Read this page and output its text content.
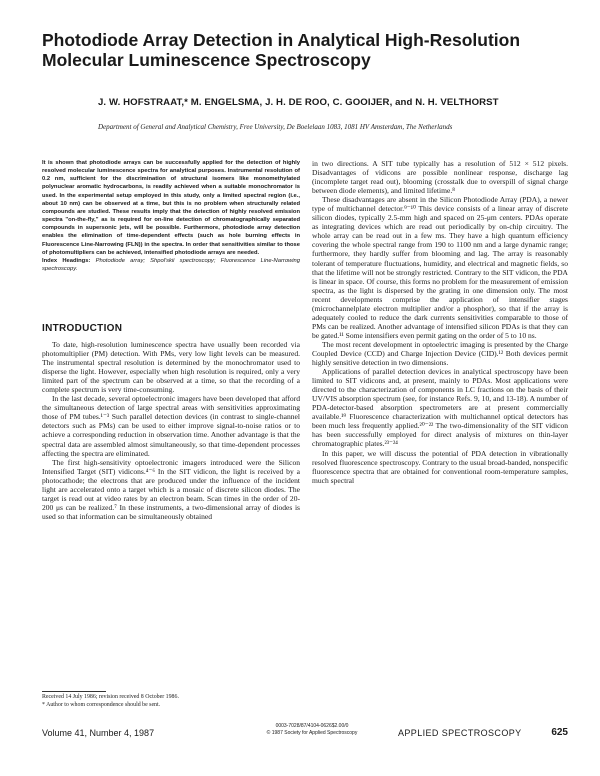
Photodiode Array Detection in Analytical High-Resolution Molecular Luminescence Spectroscopy
J. W. HOFSTRAAT,* M. ENGELSMA, J. H. DE ROO, C. GOOIJER, and N. H. VELTHORST
Department of General and Analytical Chemistry, Free University, De Boelelaan 1083, 1081 HV Amsterdam, The Netherlands
It is shown that photodiode arrays can be successfully applied for the detection of highly resolved molecular luminescence spectra for analytical purposes. Instrumental resolution of 0.2 nm, sufficient for the discrimination of structural isomers like monomethylated polynuclear aromatic hydrocarbons, is readily achieved when a suitable monochromator is used. In the experimental setup employed in this study, only a limited spectral region (i.e., about 10 nm) can be observed at a time, but this is no problem when structurally related compounds are studied. These results imply that the detection of highly resolved emission spectra "on-the-fly," as is required for on-line detection of chromatographically separated compounds in supersonic jets, will be possible. Furthermore, photodiode array detection enables the elimination of time-dependent effects (such as hole burning effects in Fluorescence Line-Narrowing (FLN)) in the spectra. In order that sensitivities similar to those of photomultipliers can be achieved, intensified photodiode arrays are needed.
Index Headings: Photodiode array; Shpol'skii spectroscopy; Fluorescence Line-Narrowing spectroscopy.
INTRODUCTION

To date, high-resolution luminescence spectra have usually been recorded via photomultiplier (PM) detection. With PMs, very low light levels can be measured. The instrumental spectral resolution is determined by the monochromator used to disperse the light. However, especially when high resolution is required, only a very limited part of the spectrum can be observed at a time, so that the recording of a complete spectrum is very time-consuming.

In the last decade, several optoelectronic imagers have been developed that afford the simultaneous detection of large spectral areas with sensitivities approximating those of PM tubes.¹⁻³ Such parallel detection devices (in contrast to single-channel detectors such as PMs) can be used to either improve signal-to-noise ratios or to achieve a corresponding reduction in observation time. Another advantage is that the spectral data are assembled almost simultaneously, so that time-dependent processes affecting the spectra are eliminated.

The first high-sensitivity optoelectronic imagers introduced were the Silicon Intensified Target (SIT) vidicons.⁴⁻⁶ In the SIT vidicon, the light is received by a photocathode; the electrons that are produced under the influence of the incident light are accelerated onto a target which is a mosaic of discrete silicon diodes. The target is read out at video rates by an electron beam. Scan times in the order of 20-200 μs can be realized.⁷ In these instruments, a two-dimensional array of diodes is used so that information can be simultaneously obtained

in two directions. A SIT tube typically has a resolution of 512 × 512 pixels. Disadvantages of vidicons are possible nonlinear response, discharge lag (incomplete target read out), blooming (crosstalk due to overspill of signal charge between diode elements), and limited lifetime.⁸

These disadvantages are absent in the Silicon Photodiode Array (PDA), a newer type of multichannel detector.⁹⁻¹⁰ This device consists of a linear array of discrete silicon diodes, typically 2.5-mm high and spaced on 25-μm centers. PDAs operate as integrating devices which are read out periodically by on-chip circuitry. The whole array can be read out in a few ms. They have a high quantum efficiency covering the whole spectral range from 190 to 1100 nm and a large dynamic range; furthermore, they hardly suffer from blooming and lag. The array is reasonably tolerant of temperature fluctuations, humidity, and electrical and magnetic fields, so that the lifetime will not be strongly restricted. Contrary to the SIT vidicon, the PDA is linear in space. Of course, this forms no problem for the measurement of emission spectra, as the light is dispersed by the grating in one dimension only. The most recent developments comprise the application of intensifier stages (microchannelplate electron multiplier and/or a phosphor), so that if the array is adequately cooled to reduce the dark currents sensitivities comparable to those of PMs can be realized. Another advantage of intensified silicon PDAs is that they can be gated.¹¹ Some intensifiers even permit gating on the order of 5 to 10 ns.

The most recent development in optoelectric imaging is presented by the Charge Coupled Device (CCD) and Charge Injection Device (CID).¹² Both devices permit highly sensitive detection in two dimensions.

Applications of parallel detection devices in analytical spectroscopy have been limited to SIT vidicons and, at present, mainly to PDAs. Most applications were directed to the characterization of components in LC fractions on the basis of their UV/VIS absorption spectrum (see, for instance Refs. 9, 10, and 13-18). A number of PDA-detector-based absorption spectrometers are at present commercially available.¹⁹ Fluorescence characterization with multichannel optical detectors has been much less frequently applied.²⁰⁻²² The two-dimensionality of the SIT vidicon has been successfully employed for direct analysis of mixtures on thin-layer chromatographic plates.²³⁻²⁴

In this paper, we will discuss the potential of PDA detection in vibrationally resolved fluorescence spectroscopy. Contrary to the usual broad-banded, nonspecific fluorescence spectra that are obtained for conventional room-temperature samples, much spectral

Received 14 July 1986; revision received 8 October 1986.
* Author to whom correspondence should be sent.
Volume 41, Number 4, 1987
0003-7028/87/4104-0626$2.00/0
© 1987 Society for Applied Spectroscopy	APPLIED SPECTROSCOPY	625
